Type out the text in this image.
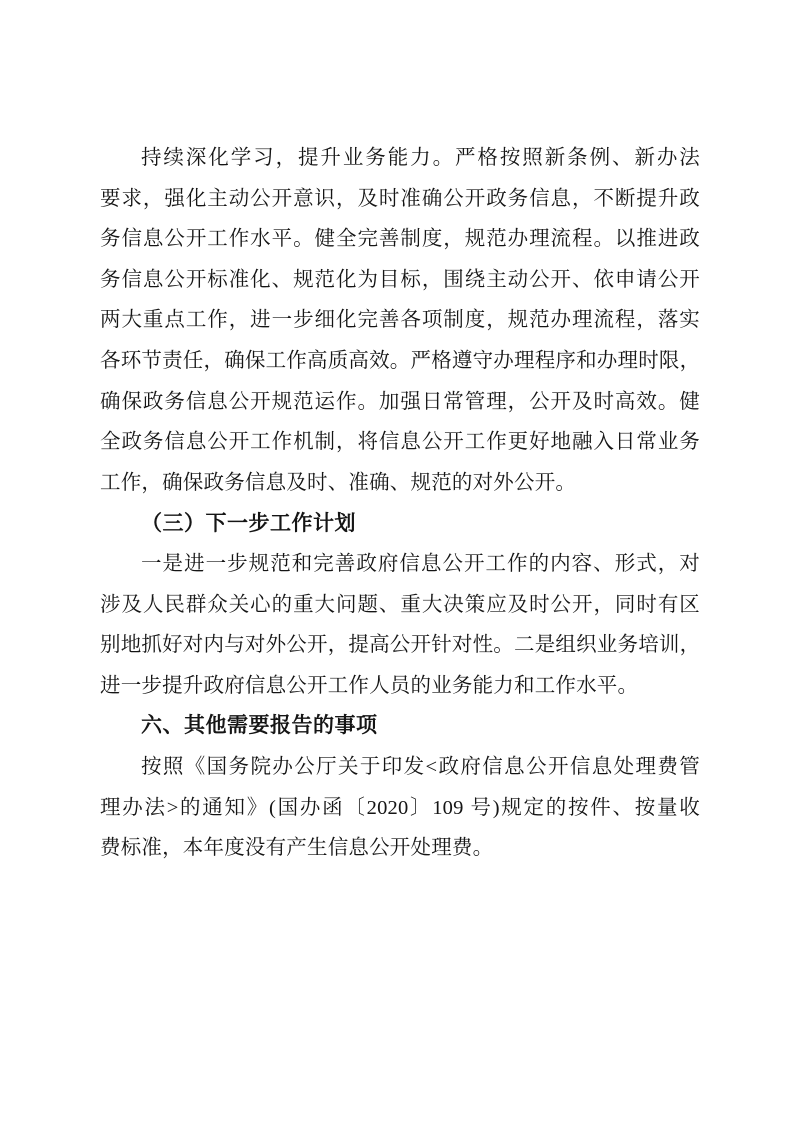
持续深化学习，提升业务能力。严格按照新条例、新办法
要求，强化主动公开意识，及时准确公开政务信息，不断提升政
务信息公开工作水平。健全完善制度，规范办理流程。以推进政
务信息公开标准化、规范化为目标，围绕主动公开、依申请公开
两大重点工作，进一步细化完善各项制度，规范办理流程，落实
各环节责任，确保工作高质高效。严格遵守办理程序和办理时限，
确保政务信息公开规范运作。加强日常管理，公开及时高效。健
全政务信息公开工作机制，将信息公开工作更好地融入日常业务
工作，确保政务信息及时、准确、规范的对外公开。
（三）下一步工作计划
一是进一步规范和完善政府信息公开工作的内容、形式，对
涉及人民群众关心的重大问题、重大决策应及时公开，同时有区
别地抓好对内与对外公开，提高公开针对性。二是组织业务培训，
进一步提升政府信息公开工作人员的业务能力和工作水平。
六、其他需要报告的事项
按照《国务院办公厅关于印发<政府信息公开信息处理费管
理办法>的通知》(国办函〔2020〕109 号)规定的按件、按量收
费标准，本年度没有产生信息公开处理费。
